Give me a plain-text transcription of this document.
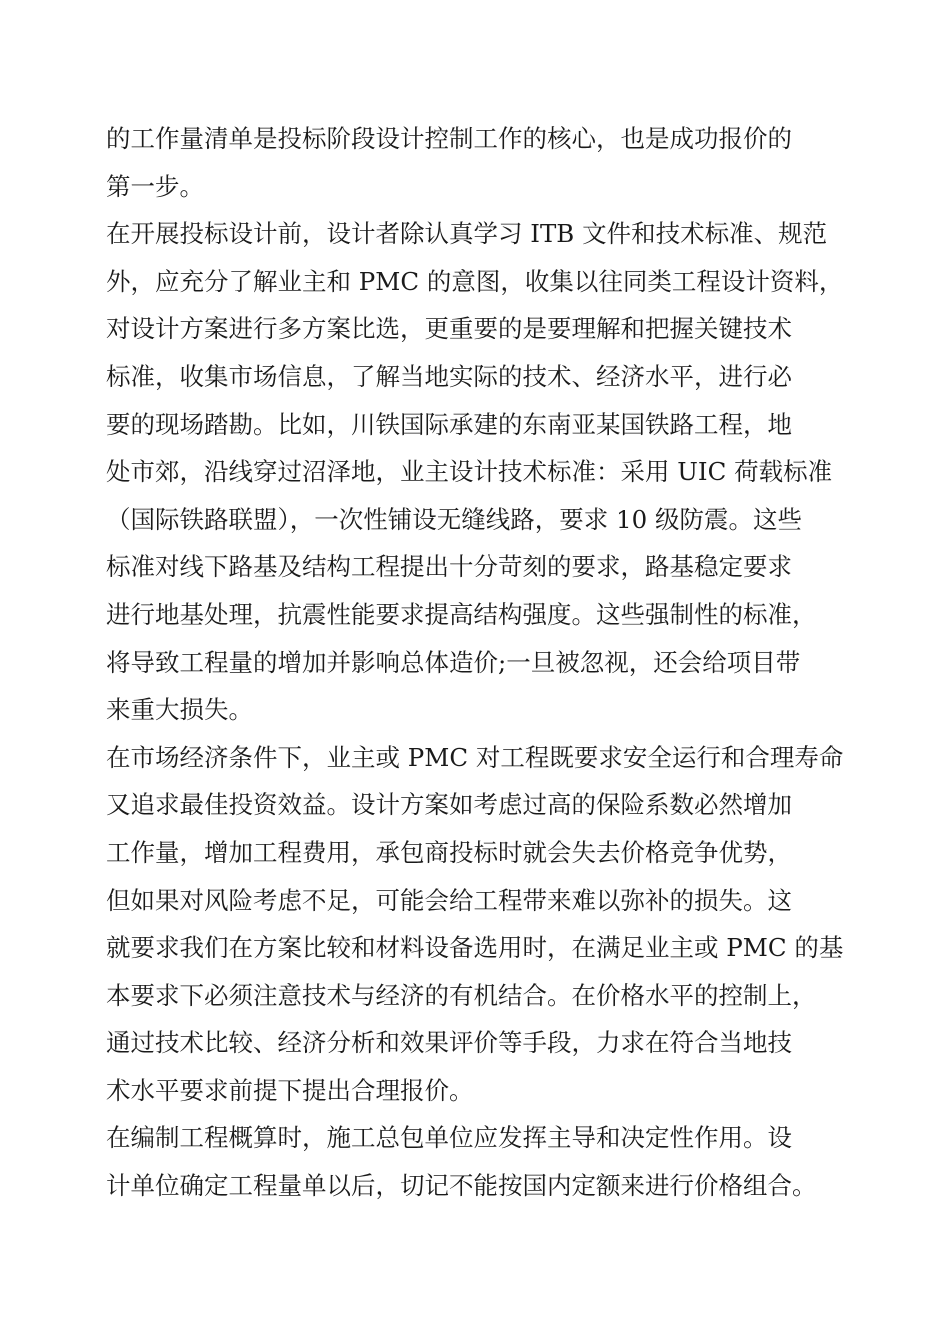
的工作量清单是投标阶段设计控制工作的核心，也是成功报价的
第一步。
在开展投标设计前，设计者除认真学习 ITB 文件和技术标准、规范
外，应充分了解业主和 PMC 的意图，收集以往同类工程设计资料，
对设计方案进行多方案比选，更重要的是要理解和把握关键技术
标准，收集市场信息，了解当地实际的技术、经济水平，进行必
要的现场踏勘。比如，川铁国际承建的东南亚某国铁路工程，地
处市郊，沿线穿过沼泽地，业主设计技术标准：采用 UIC 荷载标准
（国际铁路联盟），一次性铺设无缝线路，要求 10 级防震。这些
标准对线下路基及结构工程提出十分苛刻的要求，路基稳定要求
进行地基处理，抗震性能要求提高结构强度。这些强制性的标准，
将导致工程量的增加并影响总体造价;一旦被忽视，还会给项目带
来重大损失。
在市场经济条件下，业主或 PMC 对工程既要求安全运行和合理寿命
又追求最佳投资效益。设计方案如考虑过高的保险系数必然增加
工作量，增加工程费用，承包商投标时就会失去价格竞争优势，
但如果对风险考虑不足，可能会给工程带来难以弥补的损失。这
就要求我们在方案比较和材料设备选用时，在满足业主或 PMC 的基
本要求下必须注意技术与经济的有机结合。在价格水平的控制上，
通过技术比较、经济分析和效果评价等手段，力求在符合当地技
术水平要求前提下提出合理报价。
在编制工程概算时，施工总包单位应发挥主导和决定性作用。设
计单位确定工程量单以后，切记不能按国内定额来进行价格组合。
